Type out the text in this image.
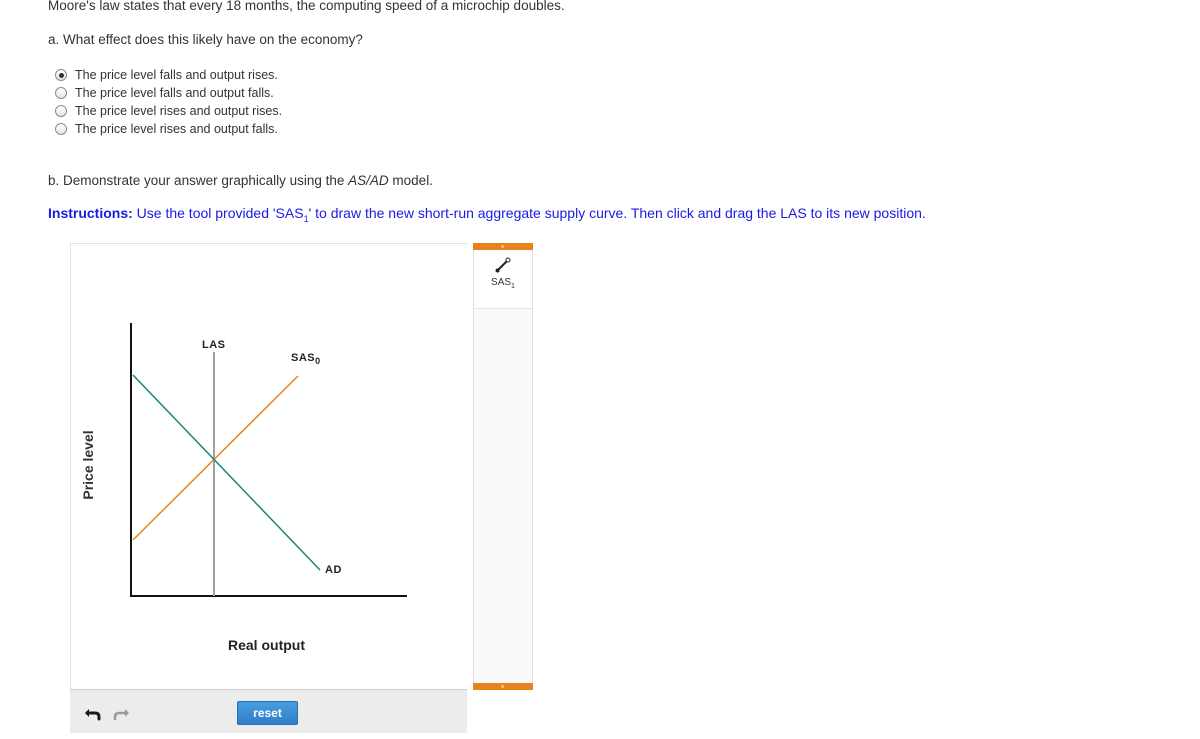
Moore's law states that every 18 months, the computing speed of a microchip doubles.
a. What effect does this likely have on the economy?
The price level falls and output rises.
The price level falls and output falls.
The price level rises and output rises.
The price level rises and output falls.
b. Demonstrate your answer graphically using the AS/AD model.
Instructions: Use the tool provided '$SAS_1$' to draw the new short-run aggregate supply curve. Then click and drag the LAS to its new position.
LAS
$SAS_0$
AD
Price level
Real output
reset
$SAS_1$
